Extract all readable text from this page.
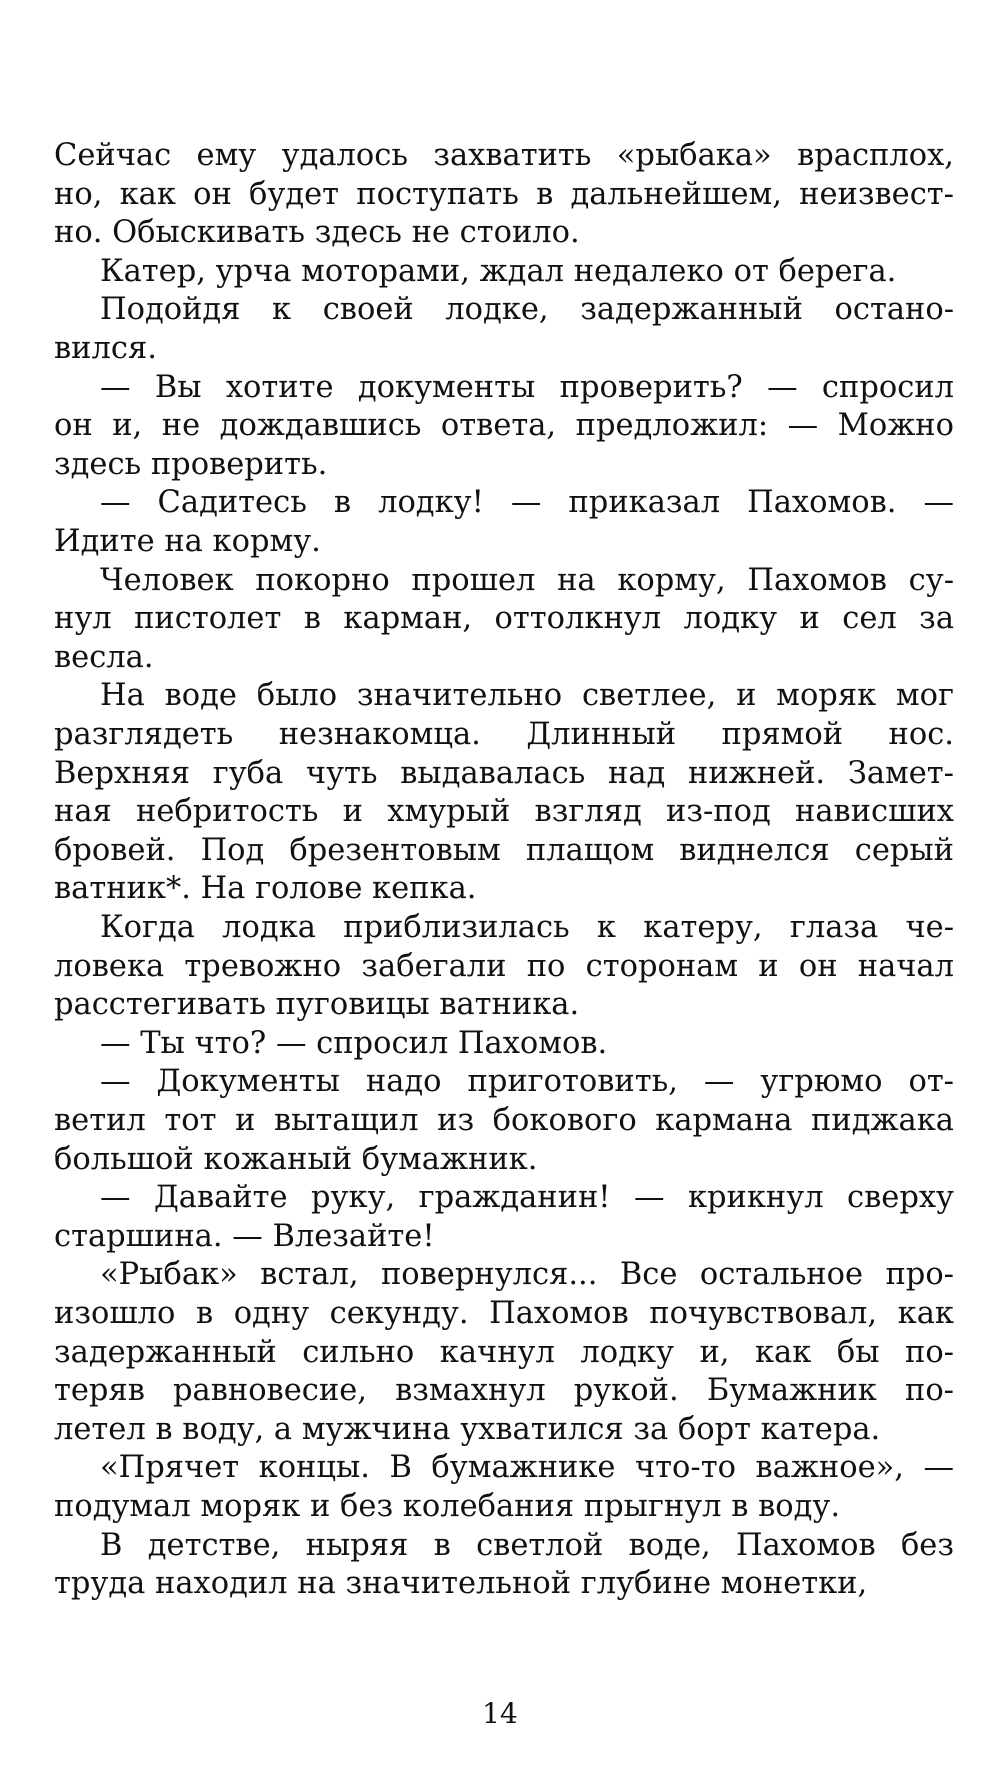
Сейчас ему удалось захватить «рыбака» врасплох,
но, как он будет поступать в дальнейшем, неизвест-
но. Обыскивать здесь не стоило.
Катер, урча моторами, ждал недалеко от берега.
Подойдя к своей лодке, задержанный остано-
вился.
— Вы хотите документы проверить? — спросил
он и, не дождавшись ответа, предложил: — Можно
здесь проверить.
— Садитесь в лодку! — приказал Пахомов. —
Идите на корму.
Человек покорно прошел на корму, Пахомов су-
нул пистолет в карман, оттолкнул лодку и сел за
весла.
На воде было значительно светлее, и моряк мог
разглядеть незнакомца. Длинный прямой нос.
Верхняя губа чуть выдавалась над нижней. Замет-
ная небритость и хмурый взгляд из-под нависших
бровей. Под брезентовым плащом виднелся серый
ватник*. На голове кепка.
Когда лодка приблизилась к катеру, глаза че-
ловека тревожно забегали по сторонам и он начал
расстегивать пуговицы ватника.
— Ты что? — спросил Пахомов.
— Документы надо приготовить, — угрюмо от-
ветил тот и вытащил из бокового кармана пиджака
большой кожаный бумажник.
— Давайте руку, гражданин! — крикнул сверху
старшина. — Влезайте!
«Рыбак» встал, повернулся... Все остальное про-
изошло в одну секунду. Пахомов почувствовал, как
задержанный сильно качнул лодку и, как бы по-
теряв равновесие, взмахнул рукой. Бумажник по-
летел в воду, а мужчина ухватился за борт катера.
«Прячет концы. В бумажнике что-то важное», —
подумал моряк и без колебания прыгнул в воду.
В детстве, ныряя в светлой воде, Пахомов без
труда находил на значительной глубине монетки,
14
